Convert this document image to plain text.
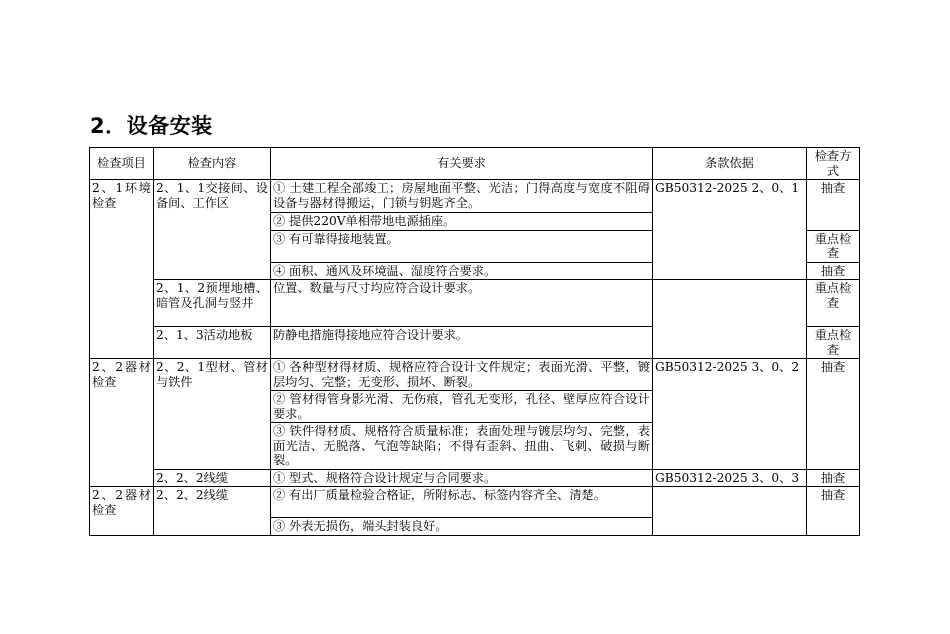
2．设备安装
检查项目	检查内容	有关要求	条款依据	检查方式
2、1环境检查	2、1、1交接间、设备间、工作区	① 土建工程全部竣工；房屋地面平整、光洁；门得高度与宽度不阻碍设备与器材得搬运，门锁与钥匙齐全。	GB50312-2025 2、0、1	抽查
		② 提供220V单相带地电源插座。		
		③ 有可靠得接地装置。		重点检查
		④ 面积、通风及环境温、湿度符合要求。		抽查
	2、1、2预埋地槽、暗管及孔洞与竖井	位置、数量与尺寸均应符合设计要求。		重点检查
	2、1、3活动地板	防静电措施得接地应符合设计要求。		重点检查
2、2器材检查	2、2、1型材、管材与铁件	① 各种型材得材质、规格应符合设计文件规定；表面光滑、平整，镀层均匀、完整；无变形、损坏、断裂。	GB50312-2025 3、0、2	抽查
		② 管材得管身影光滑、无伤痕，管孔无变形，孔径、壁厚应符合设计要求。		
		③ 铁件得材质、规格符合质量标准；表面处理与镀层均匀、完整，表面光洁、无脱落、气泡等缺陷；不得有歪斜、扭曲、飞刺、破损与断裂。		
	2、2、2线缆	① 型式、规格符合设计规定与合同要求。	GB50312-2025 3、0、3	抽查
2、2器材检查	2、2、2线缆	② 有出厂质量检验合格证，所附标志、标签内容齐全、清楚。		抽查
		③ 外表无损伤，端头封装良好。		
